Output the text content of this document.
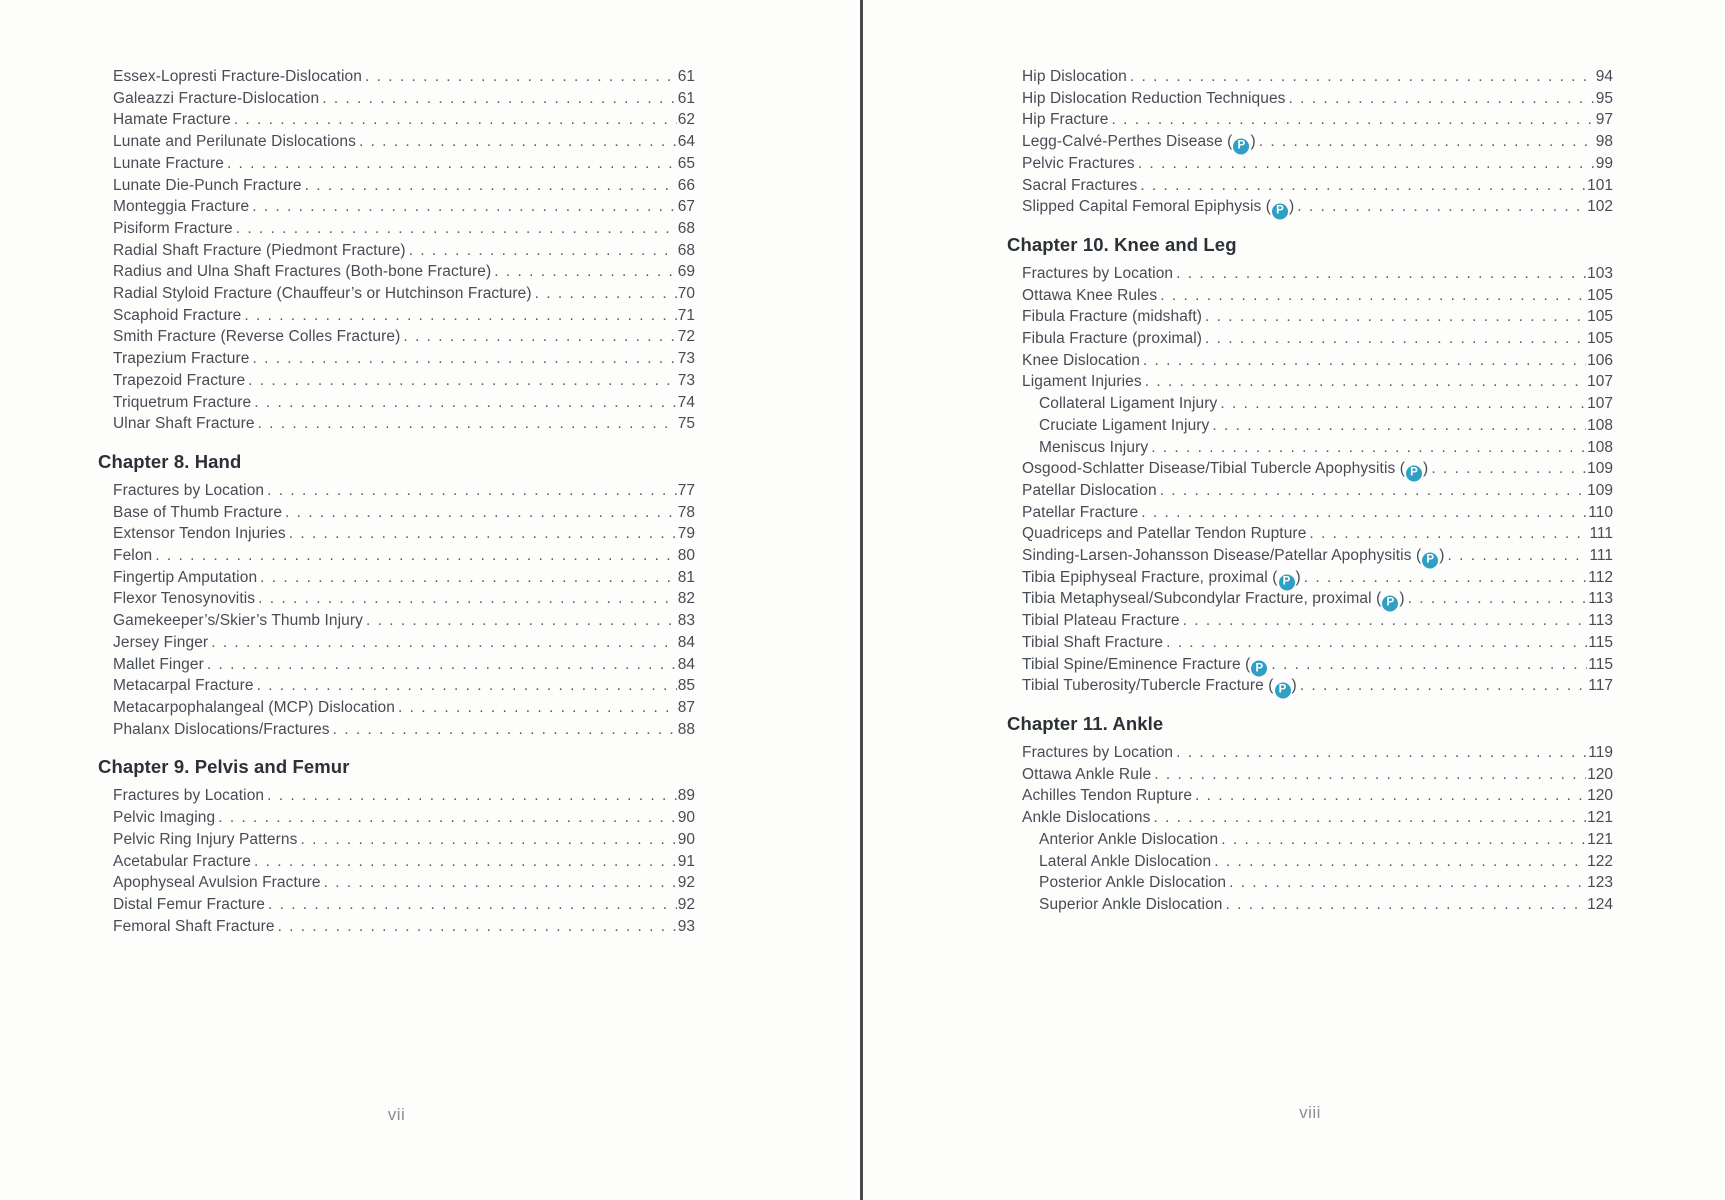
Essex-Lopresti Fracture-Dislocation . . .	61
Galeazzi Fracture-Dislocation . . .	61
Hamate Fracture . . .	62
Lunate and Perilunate Dislocations . . .	64
Lunate Fracture . . .	65
Lunate Die-Punch Fracture . . .	66
Monteggia Fracture . . .	67
Pisiform Fracture . . .	68
Radial Shaft Fracture (Piedmont Fracture) . . .	68
Radius and Ulna Shaft Fractures (Both-bone Fracture) . . .	69
Radial Styloid Fracture (Chauffeur’s or Hutchinson Fracture) . . .	70
Scaphoid Fracture . . .	71
Smith Fracture (Reverse Colles Fracture) . . .	72
Trapezium Fracture . . .	73
Trapezoid Fracture . . .	73
Triquetrum Fracture . . .	74
Ulnar Shaft Fracture . . .	75
Chapter 8. Hand
Fractures by Location . . .	77
Base of Thumb Fracture . . .	78
Extensor Tendon Injuries . . .	79
Felon . . .	80
Fingertip Amputation . . .	81
Flexor Tenosynovitis . . .	82
Gamekeeper’s/Skier’s Thumb Injury . . .	83
Jersey Finger . . .	84
Mallet Finger . . .	84
Metacarpal Fracture . . .	85
Metacarpophalangeal (MCP) Dislocation . . .	87
Phalanx Dislocations/Fractures . . .	88
Chapter 9. Pelvis and Femur
Fractures by Location . . .	89
Pelvic Imaging . . .	90
Pelvic Ring Injury Patterns . . .	90
Acetabular Fracture . . .	91
Apophyseal Avulsion Fracture . . .	92
Distal Femur Fracture . . .	92
Femoral Shaft Fracture . . .	93
Hip Dislocation . . .	94
Hip Dislocation Reduction Techniques . . .	95
Hip Fracture . . .	97
Legg-Calvé-Perthes Disease ( P ) . . .	98
Pelvic Fractures . . .	99
Sacral Fractures . . .	101
Slipped Capital Femoral Epiphysis ( P ) . . .	102
Chapter 10. Knee and Leg
Fractures by Location . . .	103
Ottawa Knee Rules . . .	105
Fibula Fracture (midshaft) . . .	105
Fibula Fracture (proximal) . . .	105
Knee Dislocation . . .	106
Ligament Injuries . . .	107
Collateral Ligament Injury . . .	107
Cruciate Ligament Injury . . .	108
Meniscus Injury . . .	108
Osgood-Schlatter Disease/Tibial Tubercle Apophysitis ( P ) . . .	109
Patellar Dislocation . . .	109
Patellar Fracture . . .	110
Quadriceps and Patellar Tendon Rupture . . .	111
Sinding-Larsen-Johansson Disease/Patellar Apophysitis ( P ) . . .	111
Tibia Epiphyseal Fracture, proximal ( P ) . . .	112
Tibia Metaphyseal/Subcondylar Fracture, proximal ( P ) . . .	113
Tibial Plateau Fracture . . .	113
Tibial Shaft Fracture . . .	115
Tibial Spine/Eminence Fracture ( P . . .	115
Tibial Tuberosity/Tubercle Fracture ( P ) . . .	117
Chapter 11. Ankle
Fractures by Location . . .	119
Ottawa Ankle Rule . . .	120
Achilles Tendon Rupture . . .	120
Ankle Dislocations . . .	121
Anterior Ankle Dislocation . . .	121
Lateral Ankle Dislocation . . .	122
Posterior Ankle Dislocation . . .	123
Superior Ankle Dislocation . . .	124
vii	viii
